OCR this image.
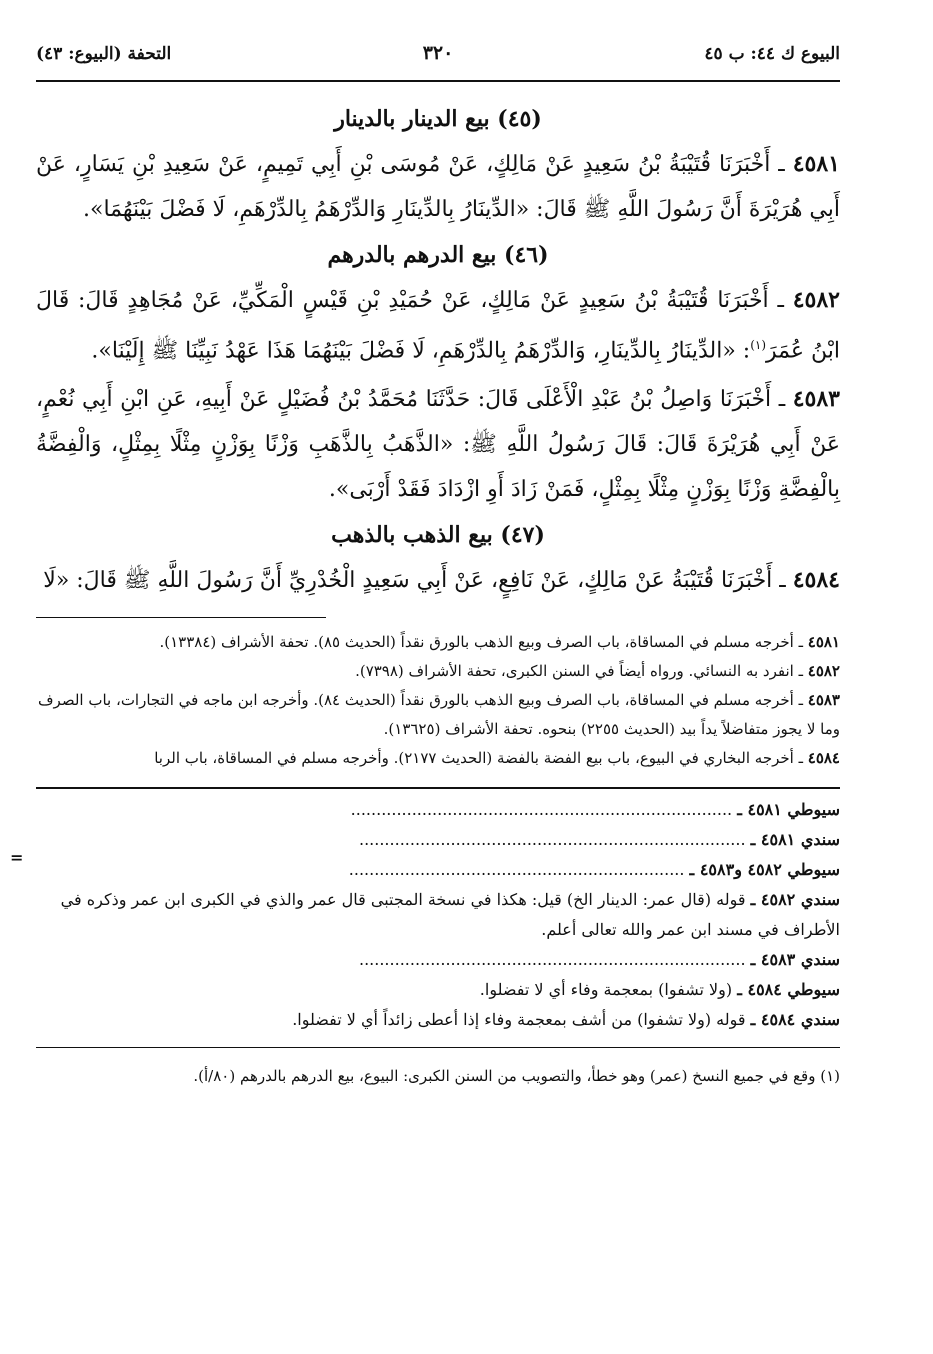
البيوع ك ٤٤: ب ٤٥
٣٢٠
التحفة (البيوع: ٤٣)
(٤٥) بيع الدينار بالدينار

٤٥٨١ ـ أَخْبَرَنَا قُتَيْبَةُ بْنُ سَعِيدٍ عَنْ مَالِكٍ، عَنْ مُوسَى بْنِ أَبِي تَمِيمٍ، عَنْ سَعِيدِ بْنِ يَسَارٍ، عَنْ أَبِي هُرَيْرَةَ أَنَّ رَسُولَ اللَّهِ ﷺ قَالَ: «الدِّينَارُ بِالدِّينَارِ وَالدِّرْهَمُ بِالدِّرْهَمِ، لَا فَضْلَ بَيْنَهُمَا».

(٤٦) بيع الدرهم بالدرهم

٤٥٨٢ ـ أَخْبَرَنَا قُتَيْبَةُ بْنُ سَعِيدٍ عَنْ مَالِكٍ، عَنْ حُمَيْدِ بْنِ قَيْسٍ الْمَكِّيِّ، عَنْ مُجَاهِدٍ قَالَ: قَالَ ابْنُ عُمَرَ$^{(١)}$: «الدِّينَارُ بِالدِّينَارِ، وَالدِّرْهَمُ بِالدِّرْهَمِ، لَا فَضْلَ بَيْنَهُمَا هَذَا عَهْدُ نَبِيِّنَا ﷺ إِلَيْنَا».

٤٥٨٣ ـ أَخْبَرَنَا وَاصِلُ بْنُ عَبْدِ الْأَعْلَى قَالَ: حَدَّثَنَا مُحَمَّدُ بْنُ فُضَيْلٍ عَنْ أَبِيهِ، عَنِ ابْنِ أَبِي نُعْمٍ، عَنْ أَبِي هُرَيْرَةَ قَالَ: قَالَ رَسُولُ اللَّهِ ﷺ: «الذَّهَبُ بِالذَّهَبِ وَزْنًا بِوَزْنٍ مِثْلًا بِمِثْلٍ، وَالْفِضَّةُ بِالْفِضَّةِ وَزْنًا بِوَزْنٍ مِثْلًا بِمِثْلٍ، فَمَنْ زَادَ أَوِ ازْدَادَ فَقَدْ أَرْبَى».

(٤٧) بيع الذهب بالذهب

٤٥٨٤ ـ أَخْبَرَنَا قُتَيْبَةُ عَنْ مَالِكٍ، عَنْ نَافِعٍ، عَنْ أَبِي سَعِيدٍ الْخُدْرِيِّ أَنَّ رَسُولَ اللَّهِ ﷺ قَالَ: «لَا

٤٥٨١ ـ أخرجه مسلم في المساقاة، باب الصرف وبيع الذهب بالورق نقداً (الحديث ٨٥). تحفة الأشراف (١٣٣٨٤).

٤٥٨٢ ـ انفرد به النسائي. ورواه أيضاً في السنن الكبرى، تحفة الأشراف (٧٣٩٨).

٤٥٨٣ ـ أخرجه مسلم في المساقاة، باب الصرف وبيع الذهب بالورق نقداً (الحديث ٨٤). وأخرجه ابن ماجه في التجارات، باب الصرف وما لا يجوز متفاضلاً يداً بيد (الحديث ٢٢٥٥) بنحوه. تحفة الأشراف (١٣٦٢٥).

٤٥٨٤ ـ أخرجه البخاري في البيوع، باب بيع الفضة بالفضة (الحديث ٢١٧٧). وأخرجه مسلم في المساقاة، باب الربا

سيوطي ٤٥٨١ ـ ...........................................................................

سندي ٤٥٨١ ـ ............................................................................

سيوطي ٤٥٨٢ و٤٥٨٣ ـ ..................................................................

سندي ٤٥٨٢ ـ قوله (قال عمر: الدينار الخ) قيل: هكذا في نسخة المجتبى قال عمر والذي في الكبرى ابن عمر وذكره في الأطراف في مسند ابن عمر والله تعالى أعلم.

سندي ٤٥٨٣ ـ ............................................................................

سيوطي ٤٥٨٤ ـ (ولا تشفوا) بمعجمة وفاء أي لا تفضلوا.

سندي ٤٥٨٤ ـ قوله (ولا تشفوا) من أشف بمعجمة وفاء إذا أعطى زائداً أي لا تفضلوا.

(١) وقع في جميع النسخ (عمر) وهو خطأ، والتصويب من السنن الكبرى: البيوع، بيع الدرهم بالدرهم (٨٠/أ).

=
